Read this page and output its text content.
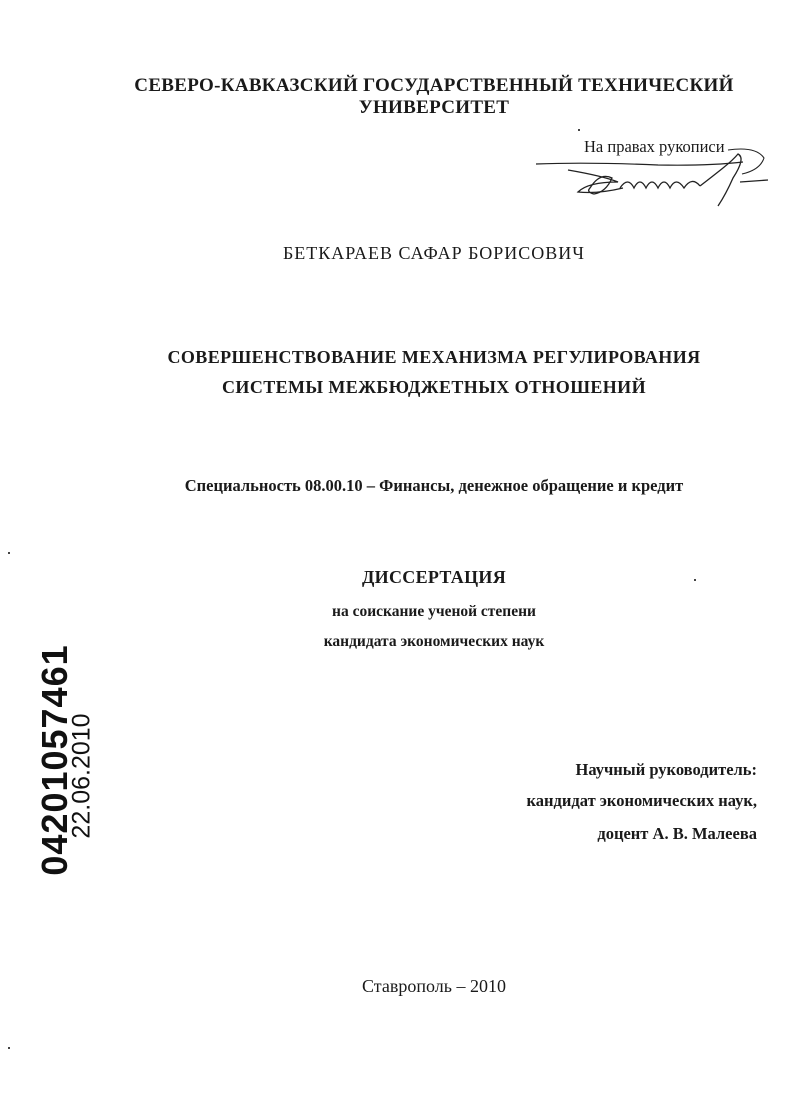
СЕВЕРО-КАВКАЗСКИЙ ГОСУДАРСТВЕННЫЙ ТЕХНИЧЕСКИЙ
УНИВЕРСИТЕТ
На правах рукописи
БЕТКАРАЕВ САФАР БОРИСОВИЧ
СОВЕРШЕНСТВОВАНИЕ МЕХАНИЗМА РЕГУЛИРОВАНИЯ
СИСТЕМЫ МЕЖБЮДЖЕТНЫХ ОТНОШЕНИЙ
Специальность 08.00.10 – Финансы, денежное обращение и кредит
ДИССЕРТАЦИЯ
на соискание ученой степени
кандидата экономических наук
Научный руководитель:
кандидат экономических наук,
доцент А. В. Малеева
Ставрополь – 2010
04201057461
22.06.2010
